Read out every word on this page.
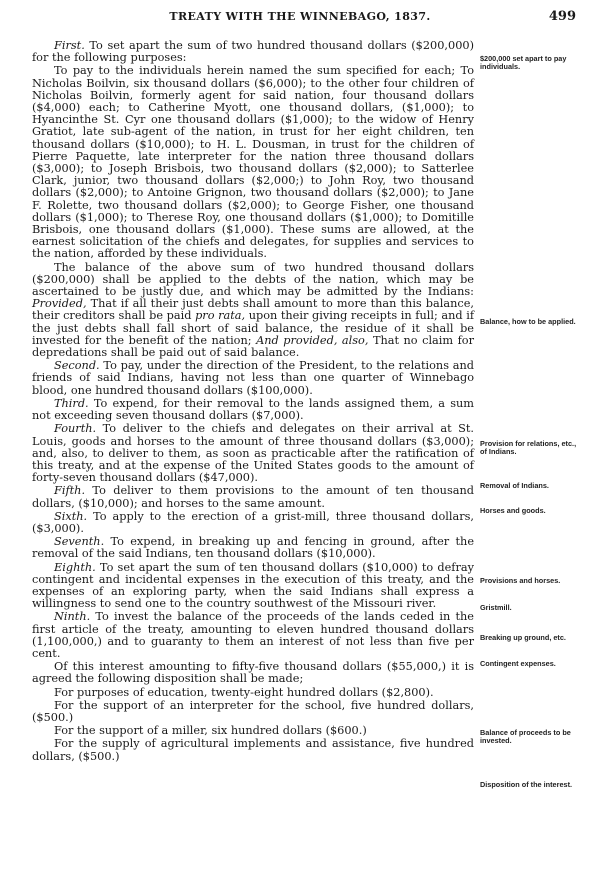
TREATY WITH THE WINNEBAGO, 1837.	499

First. To set apart the sum of two hundred thousand dollars ($200,000) for the following purposes:

To pay to the individuals herein named the sum specified for each; To Nicholas Boilvin, six thousand dollars ($6,000); to the other four children of Nicholas Boilvin, formerly agent for said nation, four thousand dollars ($4,000) each; to Catherine Myott, one thousand dollars, ($1,000); to Hyancinthe St. Cyr one thousand dollars ($1,000); to the widow of Henry Gratiot, late sub-agent of the nation, in trust for her eight children, ten thousand dollars ($10,000); to H. L. Dousman, in trust for the children of Pierre Paquette, late interpreter for the nation three thousand dollars ($3,000); to Joseph Brisbois, two thousand dollars ($2,000); to Satterlee Clark, junior, two thousand dollars ($2,000;) to John Roy, two thousand dollars ($2,000); to Antoine Grignon, two thousand dollars ($2,000); to Jane F. Rolette, two thousand dollars ($2,000); to George Fisher, one thousand dollars ($1,000); to Therese Roy, one thousand dollars ($1,000); to Domitille Brisbois, one thousand dollars ($1,000). These sums are allowed, at the earnest solicitation of the chiefs and delegates, for supplies and services to the nation, afforded by these individuals.

The balance of the above sum of two hundred thousand dollars ($200,000) shall be applied to the debts of the nation, which may be ascertained to be justly due, and which may be admitted by the Indians: Provided, That if all their just debts shall amount to more than this balance, their creditors shall be paid pro rata, upon their giving receipts in full; and if the just debts shall fall short of said balance, the residue of it shall be invested for the benefit of the nation; And provided, also, That no claim for depredations shall be paid out of said balance.

Second. To pay, under the direction of the President, to the relations and friends of said Indians, having not less than one quarter of Winnebago blood, one hundred thousand dollars ($100,000).

Third. To expend, for their removal to the lands assigned them, a sum not exceeding seven thousand dollars ($7,000).

Fourth. To deliver to the chiefs and delegates on their arrival at St. Louis, goods and horses to the amount of three thousand dollars ($3,000); and, also, to deliver to them, as soon as practicable after the ratification of this treaty, and at the expense of the United States goods to the amount of forty-seven thousand dollars ($47,000).

Fifth. To deliver to them provisions to the amount of ten thousand dollars, ($10,000); and horses to the same amount.

Sixth. To apply to the erection of a grist-mill, three thousand dollars, ($3,000).

Seventh. To expend, in breaking up and fencing in ground, after the removal of the said Indians, ten thousand dollars ($10,000).

Eighth. To set apart the sum of ten thousand dollars ($10,000) to defray contingent and incidental expenses in the execution of this treaty, and the expenses of an exploring party, when the said Indians shall express a willingness to send one to the country southwest of the Missouri river.

Ninth. To invest the balance of the proceeds of the lands ceded in the first article of the treaty, amounting to eleven hundred thousand dollars (1,100,000,) and to guaranty to them an interest of not less than five per cent.

Of this interest amounting to fifty-five thousand dollars ($55,000,) it is agreed the following disposition shall be made;

For purposes of education, twenty-eight hundred dollars ($2,800).

For the support of an interpreter for the school, five hundred dollars, ($500.)

For the support of a miller, six hundred dollars ($600.)

For the supply of agricultural implements and assistance, five hundred dollars, ($500.)

$200,000 set apart to pay individuals.
Balance, how to be applied.
Provision for relations, etc., of Indians.
Removal of Indians.
Horses and goods.
Provisions and horses.
Gristmill.
Breaking up ground, etc.
Contingent expenses.
Balance of proceeds to be invested.
Disposition of the interest.
